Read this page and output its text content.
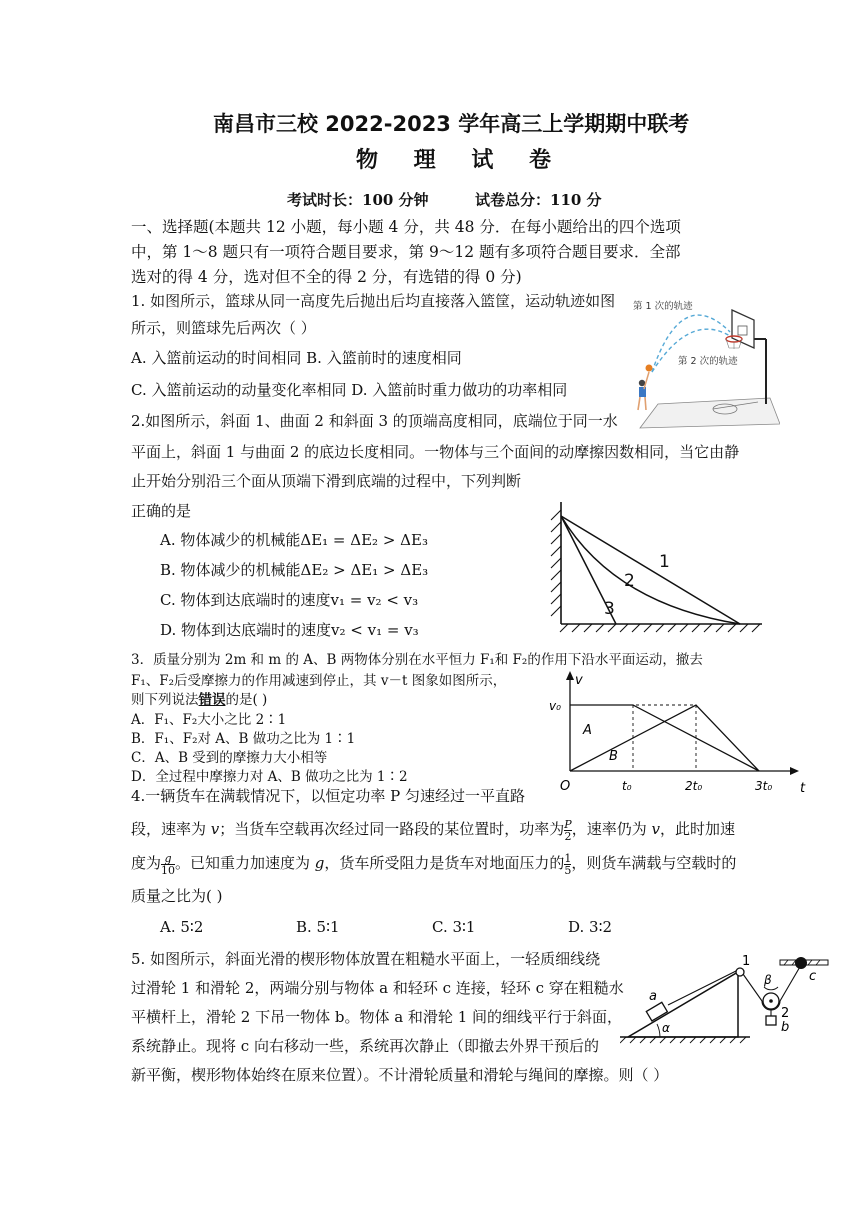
南昌市三校 2022-2023 学年高三上学期期中联考
物 理 试 卷
考试时长：100 分钟	试卷总分：110 分
一、选择题(本题共 12 小题，每小题 4 分，共 48 分．在每小题给出的四个选项
中，第 1～8 题只有一项符合题目要求，第 9～12 题有多项符合题目要求．全部
选对的得 4 分，选对但不全的得 2 分，有选错的得 0 分)
1. 如图所示，篮球从同一高度先后抛出后均直接落入篮筐，运动轨迹如图
所示，则篮球先后两次（ ）
A. 入篮前运动的时间相同 B. 入篮前时的速度相同
C. 入篮前运动的动量变化率相同 D. 入篮前时重力做功的功率相同
第 1 次的轨迹
第 2 次的轨迹
2.如图所示，斜面 1、曲面 2 和斜面 3 的顶端高度相同，底端位于同一水
平面上，斜面 1 与曲面 2 的底边长度相同。一物体与三个面间的动摩擦因数相同，当它由静
止开始分别沿三个面从顶端下滑到底端的过程中，下列判断
正确的是
A. 物体减少的机械能ΔE₁ = ΔE₂ > ΔE₃
B. 物体减少的机械能ΔE₂ > ΔE₁ > ΔE₃
C. 物体到达底端时的速度v₁ = v₂ < v₃
D. 物体到达底端时的速度v₂ < v₁ = v₃
1
2
3
3．质量分别为 2m 和 m 的 A、B 两物体分别在水平恒力 F₁和 F₂的作用下沿水平面运动，撤去
F₁、F₂后受摩擦力的作用减速到停止，其 v－t 图象如图所示，
则下列说法错误的是( )
A．F₁、F₂大小之比 2∶1
B．F₁、F₂对 A、B 做功之比为 1∶1
C．A、B 受到的摩擦力大小相等
D．全过程中摩擦力对 A、B 做功之比为 1∶2
v
t
O
v₀
t₀	2t₀	3t₀
A
B
4.一辆货车在满载情况下，以恒定功率 P 匀速经过一平直路
段，速率为 v；当货车空载再次经过同一路段的某位置时，功率为 $\frac{P}{2}$ ，速率仍为 v，此时加速
度为 $\frac{g}{10}$ 。已知重力加速度为 g，货车所受阻力是货车对地面压力的 $\frac{1}{5}$ ，则货车满载与空载时的
质量之比为( )
A. 5∶2	B. 5∶1	C. 3∶1	D. 3∶2
5. 如图所示，斜面光滑的楔形物体放置在粗糙水平面上，一轻质细线绕
过滑轮 1 和滑轮 2，两端分别与物体 a 和轻环 c 连接，轻环 c 穿在粗糙水
平横杆上，滑轮 2 下吊一物体 b。物体 a 和滑轮 1 间的细线平行于斜面，
系统静止。现将 c 向右移动一些，系统再次静止（即撤去外界干预后的
新平衡，楔形物体始终在原来位置）。不计滑轮质量和滑轮与绳间的摩擦。则（ ）
α
a
1
β
2
b
c
